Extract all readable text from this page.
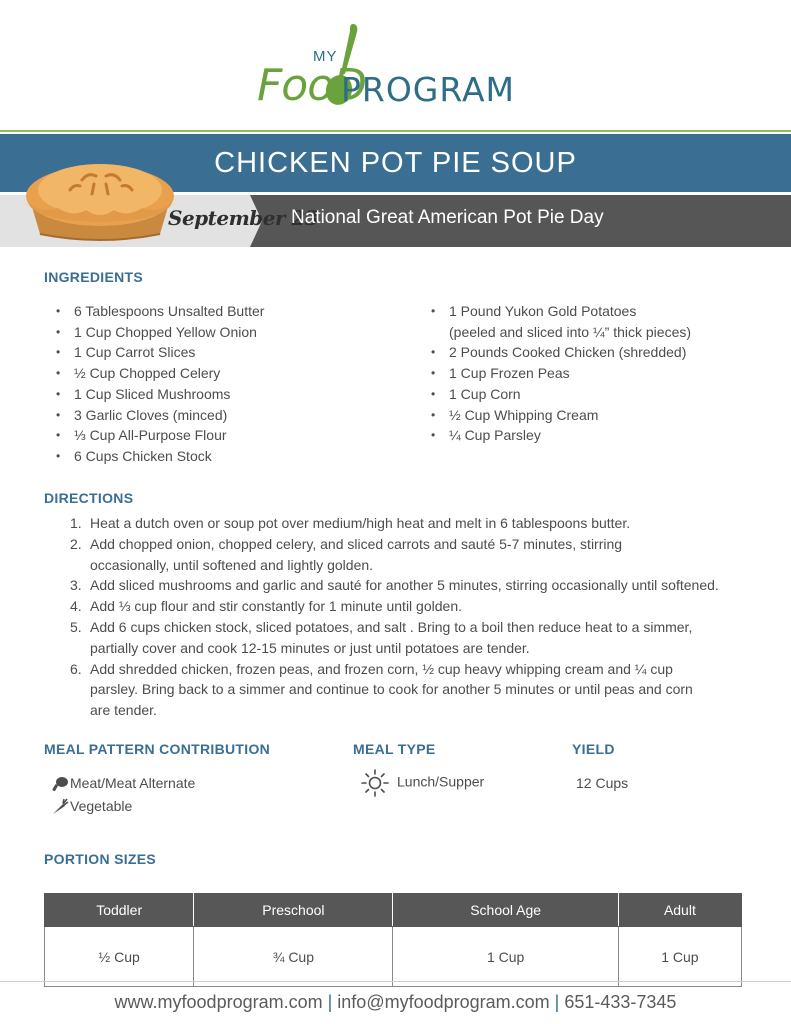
MY
FooD
PROGRAM
CHICKEN POT PIE SOUP
September 23
National Great American Pot Pie Day
INGREDIENTS
• 6 Tablespoons Unsalted Butter
• 1 Cup Chopped Yellow Onion
• 1 Cup Carrot Slices
• ½ Cup Chopped Celery
• 1 Cup Sliced Mushrooms
• 3 Garlic Cloves (minced)
• ⅓ Cup All-Purpose Flour
• 6 Cups Chicken Stock
• 1 Pound Yukon Gold Potatoes
(peeled and sliced into ¼” thick pieces)
• 2 Pounds Cooked Chicken (shredded)
• 1 Cup Frozen Peas
• 1 Cup Corn
• ½ Cup Whipping Cream
• ¼ Cup Parsley
DIRECTIONS
1. Heat a dutch oven or soup pot over medium/high heat and melt in 6 tablespoons butter.
2. Add chopped onion, chopped celery, and sliced carrots and sauté 5-7 minutes, stirring
occasionally, until softened and lightly golden.
3. Add sliced mushrooms and garlic and sauté for another 5 minutes, stirring occasionally until softened.
4. Add ⅓ cup flour and stir constantly for 1 minute until golden.
5. Add 6 cups chicken stock, sliced potatoes, and salt . Bring to a boil then reduce heat to a simmer,
partially cover and cook 12-15 minutes or just until potatoes are tender.
6. Add shredded chicken, frozen peas, and frozen corn, ½ cup heavy whipping cream and ¼ cup
parsley. Bring back to a simmer and continue to cook for another 5 minutes or until peas and corn
are tender.
MEAL PATTERN CONTRIBUTION	MEAL TYPE	YIELD
Meat/Meat Alternate
Vegetable
Lunch/Supper	12 Cups
PORTION SIZES
Toddler	Preschool	School Age	Adult
½ Cup	¾ Cup	1 Cup	1 Cup
www.myfoodprogram.com | info@myfoodprogram.com | 651-433-7345
